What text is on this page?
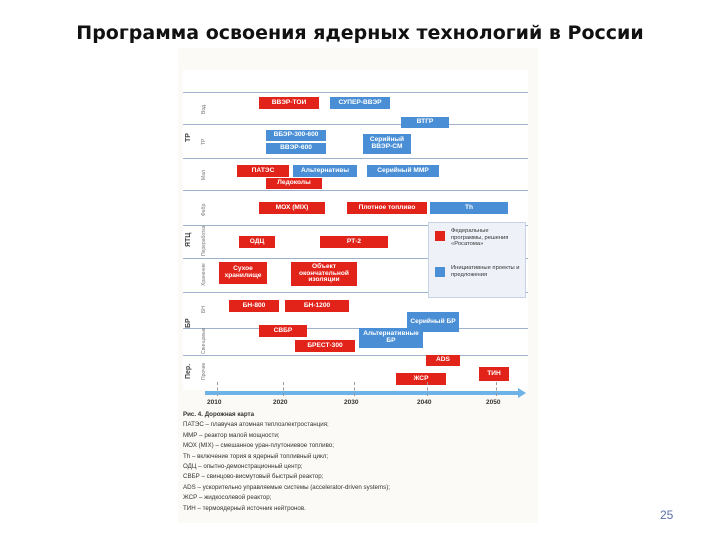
Программа освоения ядерных технологий в России
ТР
Вод.
ТР
Мал
ЯТЦ
Фабр.
Переработка
Хранение
БР
БН
Свинцовые
Пер.	Прочие
ВВЭР-ТОИ	СУПЕР-ВВЭР
ВТГР
ВБЭР-300-600
ВВЭР-600
Серийный ВВЭР-СМ
ПАТЭС	Альтернативы	Серийный ММР
Ледоколы
МОХ (MIX)	Плотное топливо	Th
ОДЦ	РТ-2
Сухое хранилище
Объект окончательной изоляции
БН-800	БН-1200
Серийный БР
СВБР
Альтернативные БР
БРЕСТ-300
ADS
ТИН
ЖСР
Федеральные программы, решения «Росатома»
Инициативные проекты и предложения
2010	2020	2030	2040	2050
Рис. 4. Дорожная карта
ПАТЭС – плавучая атомная теплоэлектростанция;
ММР – реактор малой мощности;
МОХ (MIX) – смешанное уран-плутониевое топливо;
Th – включение тория в ядерный топливный цикл;
ОДЦ – опытно-демонстрационный центр;
СВБР – свинцово-висмутовый быстрый реактор;
ADS – ускорительно управляемые системы (accelerator-driven systems);
ЖСР – жидкосолевой реактор;
ТИН – термоядерный источник нейтронов.	25
